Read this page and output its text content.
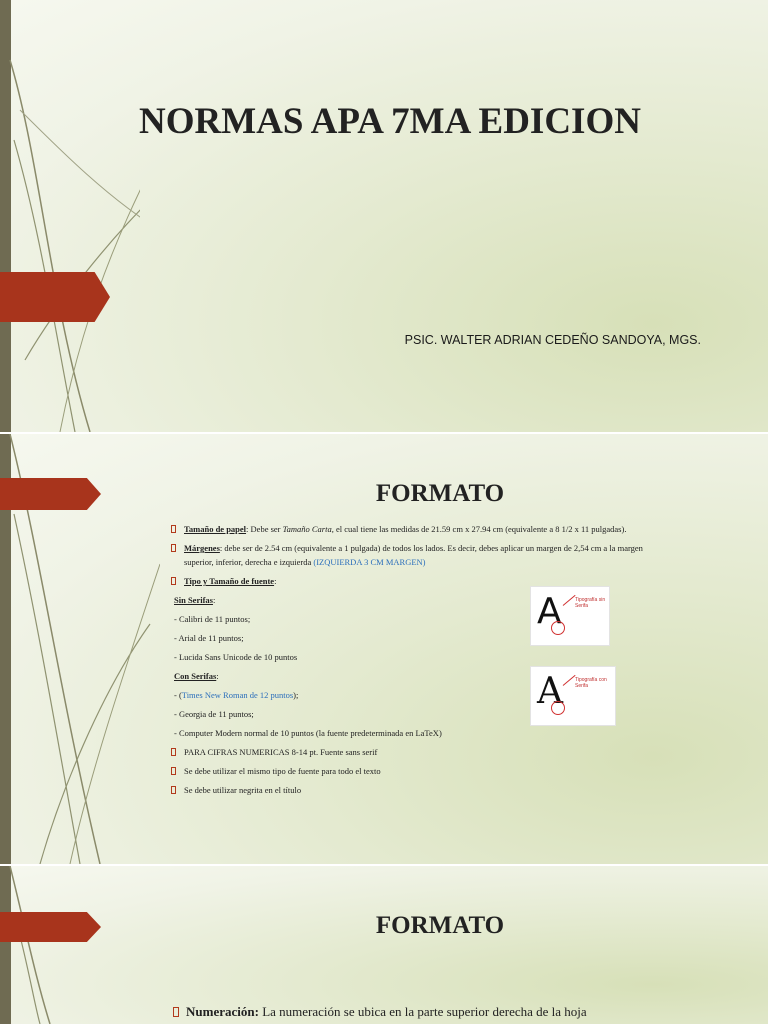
NORMAS APA 7MA EDICION
PSIC. WALTER ADRIAN CEDEÑO SANDOYA, MGS.
FORMATO
Tamaño de papel: Debe ser Tamaño Carta, el cual tiene las medidas de 21.59 cm x 27.94 cm (equivalente a 8 1/2 x 11 pulgadas).
Márgenes: debe ser de 2.54 cm (equivalente a 1 pulgada) de todos los lados. Es decir, debes aplicar un margen de 2,54 cm a la margen
superior, inferior, derecha e izquierda (IZQUIERDA 3 CM MARGEN)
Tipo y Tamaño de fuente:
Sin Serifas:
- Calibri de 11 puntos;
- Arial de 11 puntos;
- Lucida Sans Unicode de 10 puntos
Con Serifas:
- (Times New Roman de 12 puntos);
- Georgia de 11 puntos;
- Computer Modern normal de 10 puntos (la fuente predeterminada en LaTeX)
PARA CIFRAS NUMERICAS 8-14 pt. Fuente sans serif
Se debe utilizar el mismo tipo de fuente para todo el texto
Se debe utilizar negrita en el título
A	Tipografía sin Serifa
A Tipografía con Serifa
FORMATO
Numeración: La numeración se ubica en la parte superior derecha de la hoja
